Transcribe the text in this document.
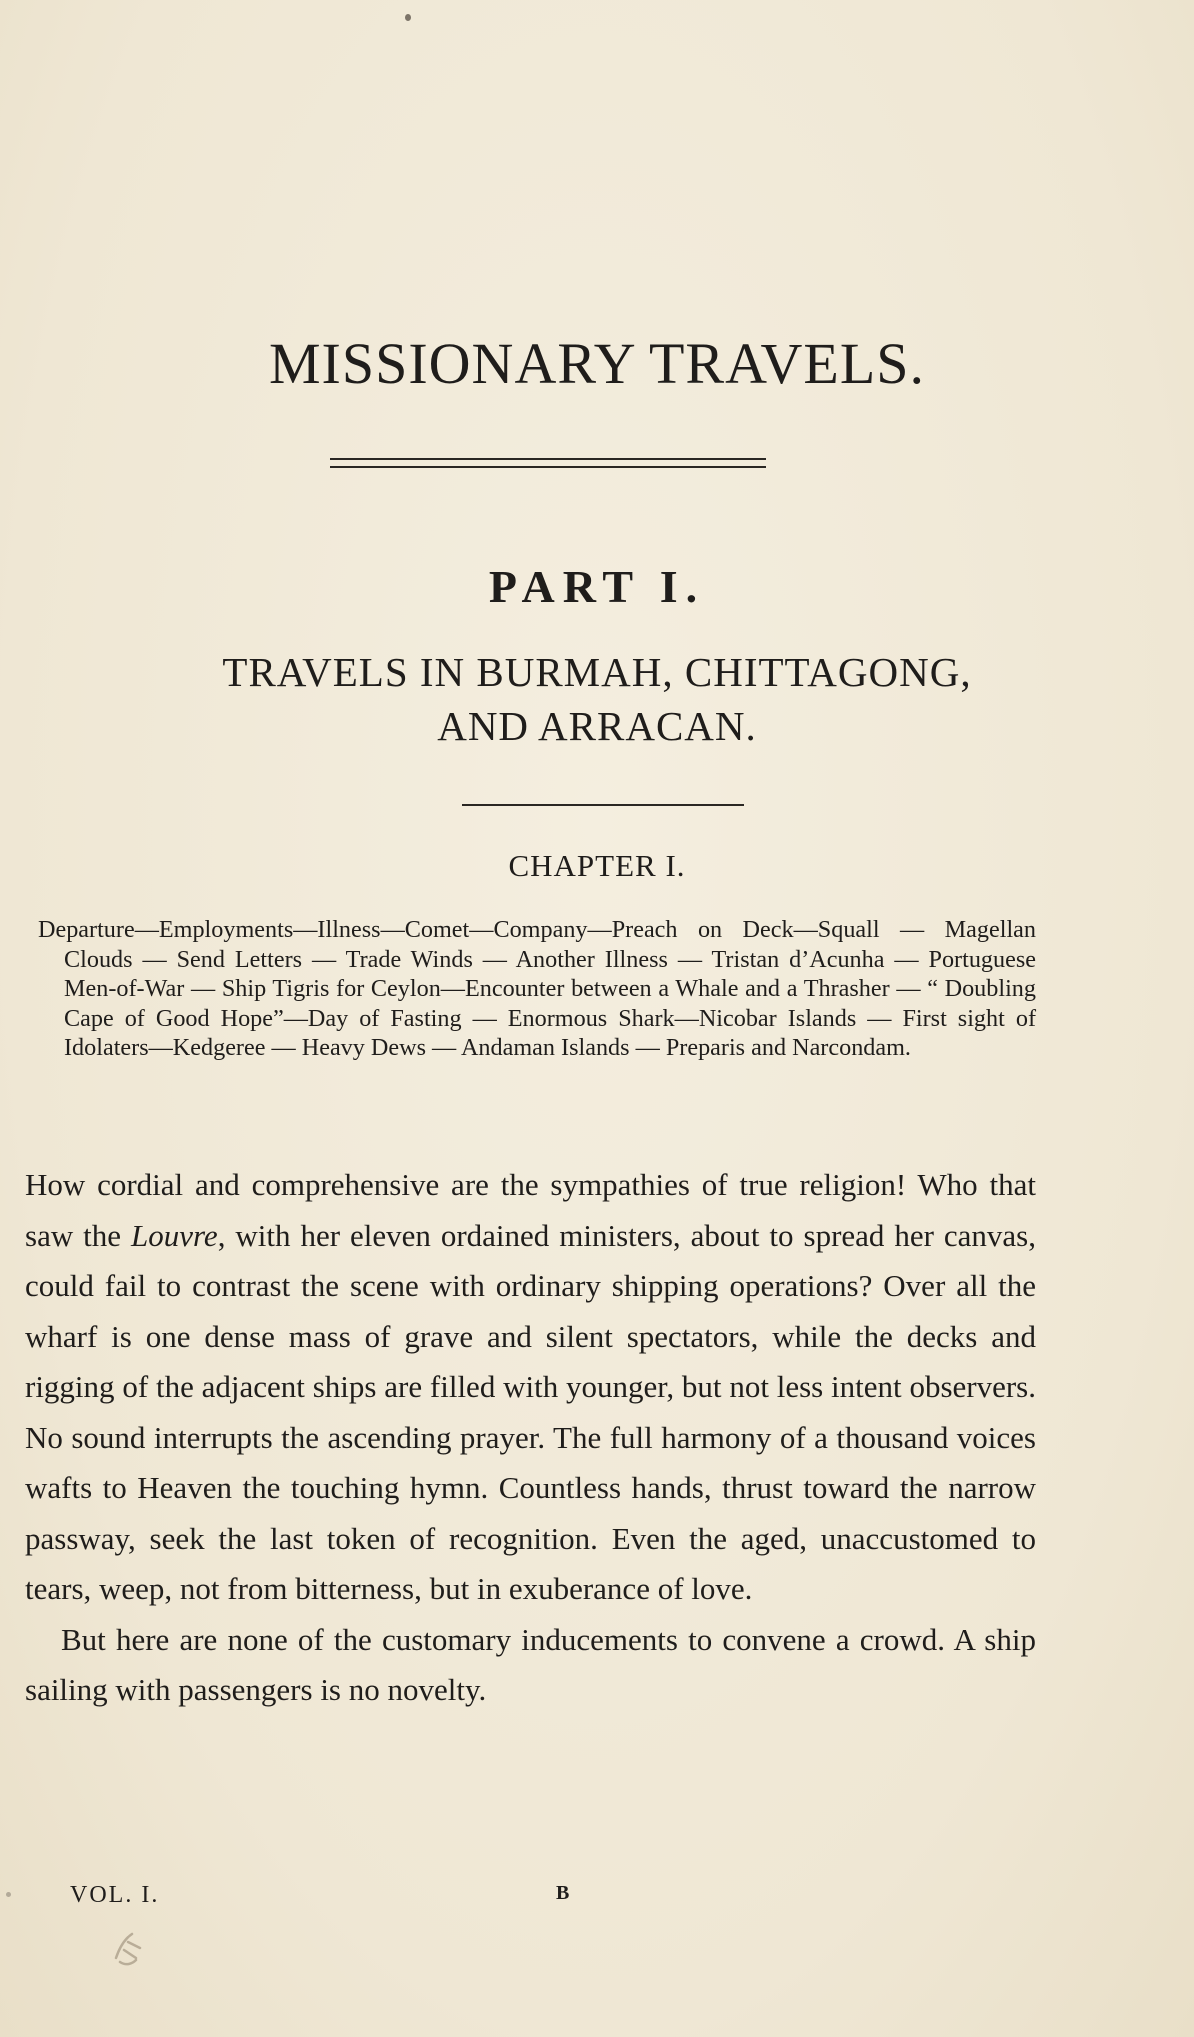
MISSIONARY TRAVELS.
PART I.
TRAVELS IN BURMAH, CHITTAGONG,
AND ARRACAN.
CHAPTER I.
Departure—Employments—Illness—Comet—Company—Preach on Deck—Squall — Magellan Clouds — Send Letters — Trade Winds — Another Illness — Tristan d’Acunha — Portuguese Men-of-War — Ship Tigris for Ceylon—Encounter between a Whale and a Thrasher — “ Doubling Cape of Good Hope”—Day of Fasting — Enormous Shark—Nicobar Islands — First sight of Idolaters—Kedgeree — Heavy Dews — Andaman Islands — Preparis and Narcondam.

How cordial and comprehensive are the sympathies of true religion! Who that saw the Louvre, with her eleven ordained ministers, about to spread her canvas, could fail to contrast the scene with ordinary shipping operations? Over all the wharf is one dense mass of grave and silent spectators, while the decks and rigging of the adjacent ships are filled with younger, but not less intent observers. No sound interrupts the ascending prayer. The full harmony of a thousand voices wafts to Heaven the touching hymn. Countless hands, thrust toward the narrow passway, seek the last token of recognition. Even the aged, unaccustomed to tears, weep, not from bitterness, but in exuberance of love.

But here are none of the customary inducements to convene a crowd. A ship sailing with passengers is no novelty.

VOL. I.	B
